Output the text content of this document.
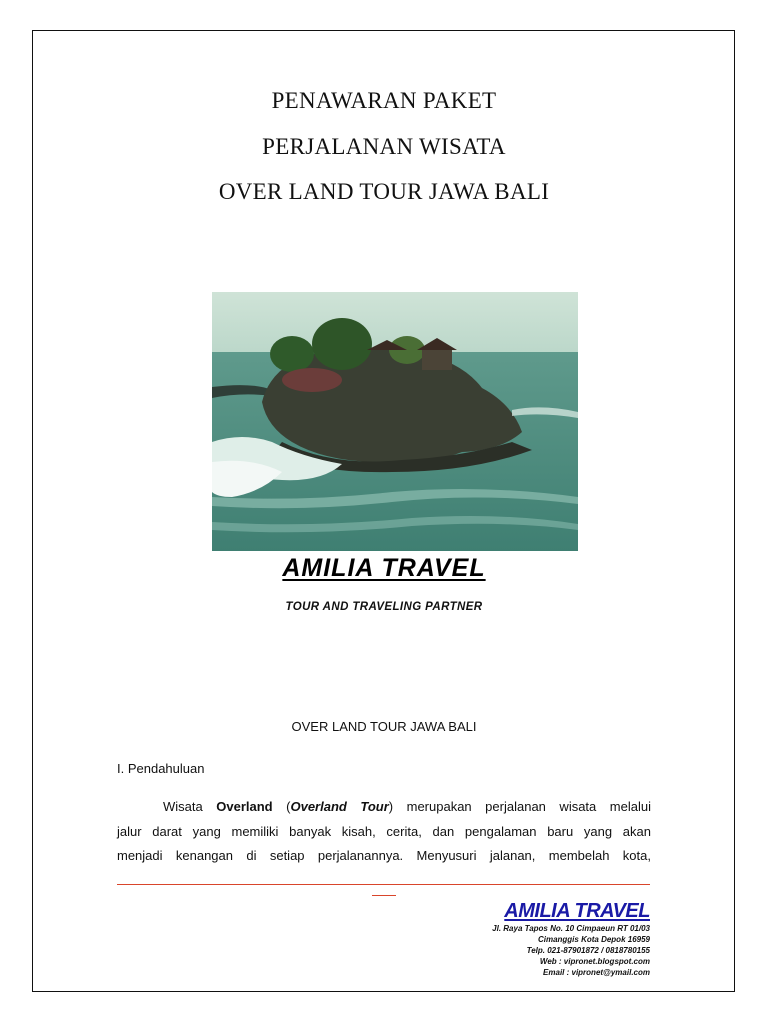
PENAWARAN PAKET
PERJALANAN WISATA
OVER LAND TOUR JAWA BALI
AMILIA TRAVEL
TOUR AND TRAVELING PARTNER
OVER LAND TOUR JAWA BALI
I. Pendahuluan
Wisata Overland (Overland Tour) merupakan perjalanan wisata melalui
jalur darat yang memiliki banyak kisah, cerita, dan pengalaman baru yang akan
menjadi kenangan di setiap perjalanannya. Menyusuri jalanan, membelah kota,
AMILIA TRAVEL
Jl. Raya Tapos No. 10 Cimpaeun RT 01/03
Cimanggis Kota Depok 16959
Telp. 021-87901872 / 0818780155
Web : vipronet.blogspot.com
Email : vipronet@ymail.com
